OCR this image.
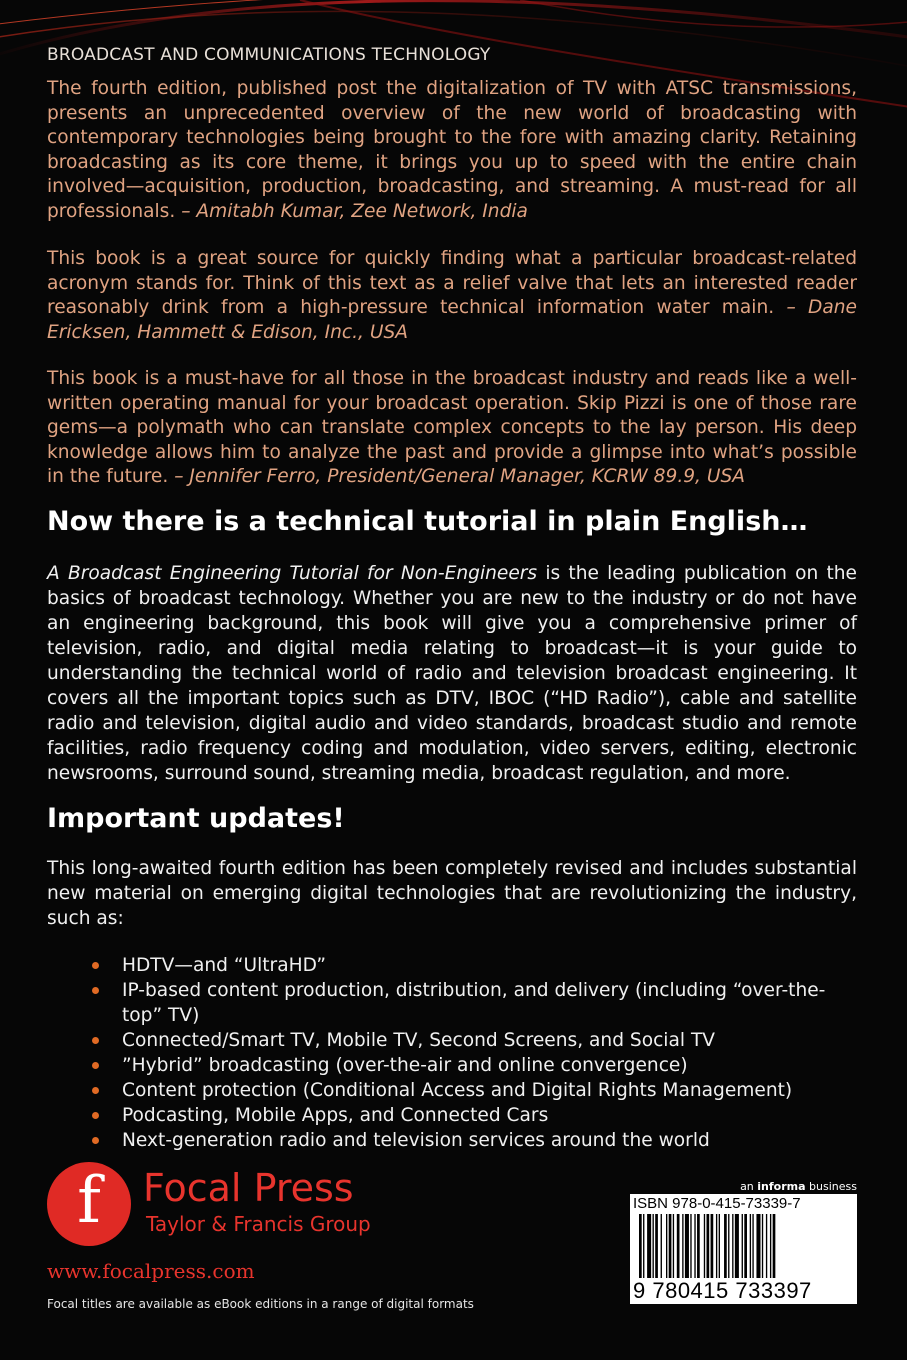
BROADCAST AND COMMUNICATIONS TECHNOLOGY

The fourth edition, published post the digitalization of TV with ATSC transmissions, presents an unprecedented overview of the new world of broadcasting with contemporary technologies being brought to the fore with amazing clarity. Retaining broadcasting as its core theme, it brings you up to speed with the entire chain involved—acquisition, production, broadcasting, and streaming. A must-read for all professionals. – Amitabh Kumar, Zee Network, India

This book is a great source for quickly finding what a particular broadcast-related acronym stands for. Think of this text as a relief valve that lets an interested reader reasonably drink from a high-pressure technical information water main. – Dane Ericksen, Hammett & Edison, Inc., USA

This book is a must-have for all those in the broadcast industry and reads like a well-written operating manual for your broadcast operation. Skip Pizzi is one of those rare gems—a polymath who can translate complex concepts to the lay person. His deep knowledge allows him to analyze the past and provide a glimpse into what’s possible in the future. – Jennifer Ferro, President/General Manager, KCRW 89.9, USA

Now there is a technical tutorial in plain English…

A Broadcast Engineering Tutorial for Non-Engineers is the leading publication on the basics of broadcast technology. Whether you are new to the industry or do not have an engineering background, this book will give you a comprehensive primer of television, radio, and digital media relating to broadcast—it is your guide to understanding the technical world of radio and television broadcast engineering. It covers all the important topics such as DTV, IBOC (“HD Radio”), cable and satellite radio and television, digital audio and video standards, broadcast studio and remote facilities, radio frequency coding and modulation, video servers, editing, electronic newsrooms, surround sound, streaming media, broadcast regulation, and more.

Important updates!

This long-awaited fourth edition has been completely revised and includes substantial new material on emerging digital technologies that are revolutionizing the industry, such as:

HDTV—and “UltraHD”
IP-based content production, distribution, and delivery (including “over-the-top” TV)
Connected/Smart TV, Mobile TV, Second Screens, and Social TV
”Hybrid” broadcasting (over-the-air and online convergence)
Content protection (Conditional Access and Digital Rights Management)
Podcasting, Mobile Apps, and Connected Cars
Next-generation radio and television services around the world
f	Focal Press
Taylor & Francis Group
www.focalpress.com
Focal titles are available as eBook editions in a range of digital formats
an informa business
ISBN 978-0-415-73339-7
9 780415 733397
